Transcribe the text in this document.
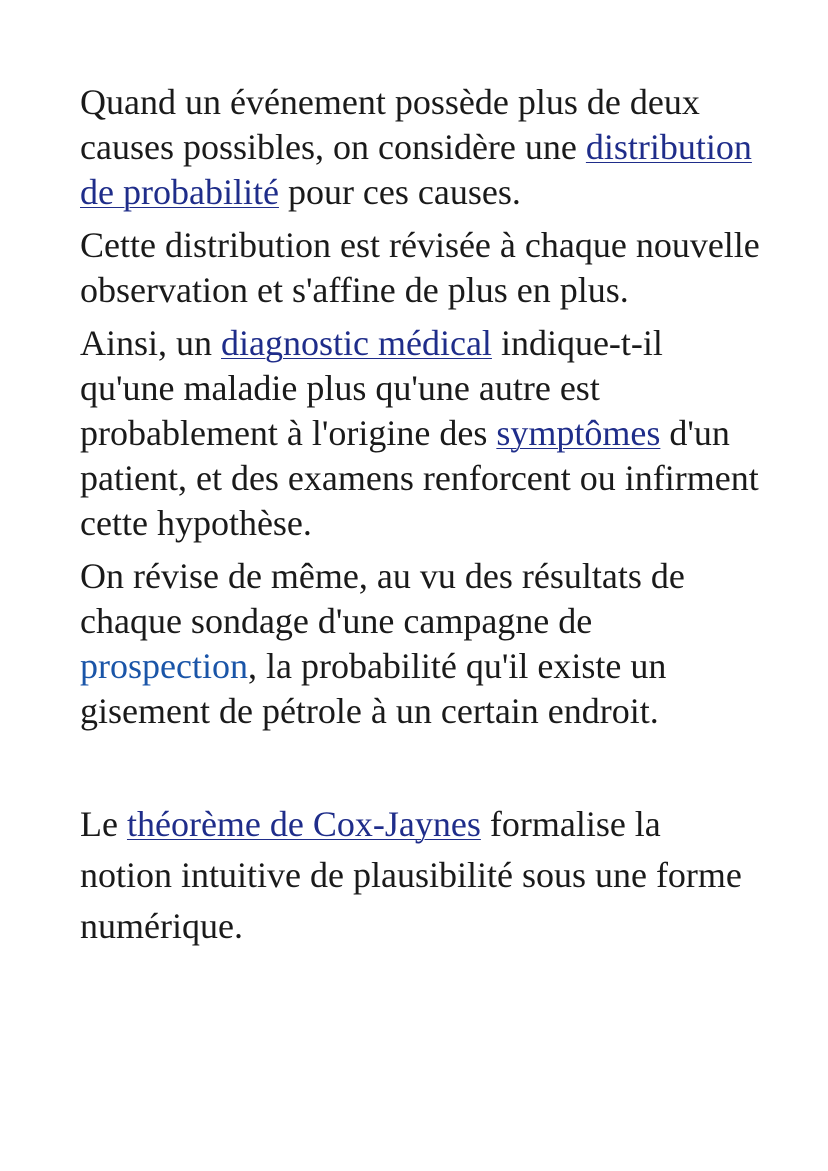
Quand un événement possède plus de deux causes possibles, on considère une distribution de probabilité pour ces causes.

Cette distribution est révisée à chaque nouvelle observation et s'affine de plus en plus.

Ainsi, un diagnostic médical indique-t-il qu'une maladie plus qu'une autre est probablement à l'origine des symptômes d'un patient, et des examens renforcent ou infirment cette hypothèse.

On révise de même, au vu des résultats de chaque sondage d'une campagne de prospection, la probabilité qu'il existe un gisement de pétrole à un certain endroit.

Le théorème de Cox-Jaynes formalise la notion intuitive de plausibilité sous une forme numérique.
